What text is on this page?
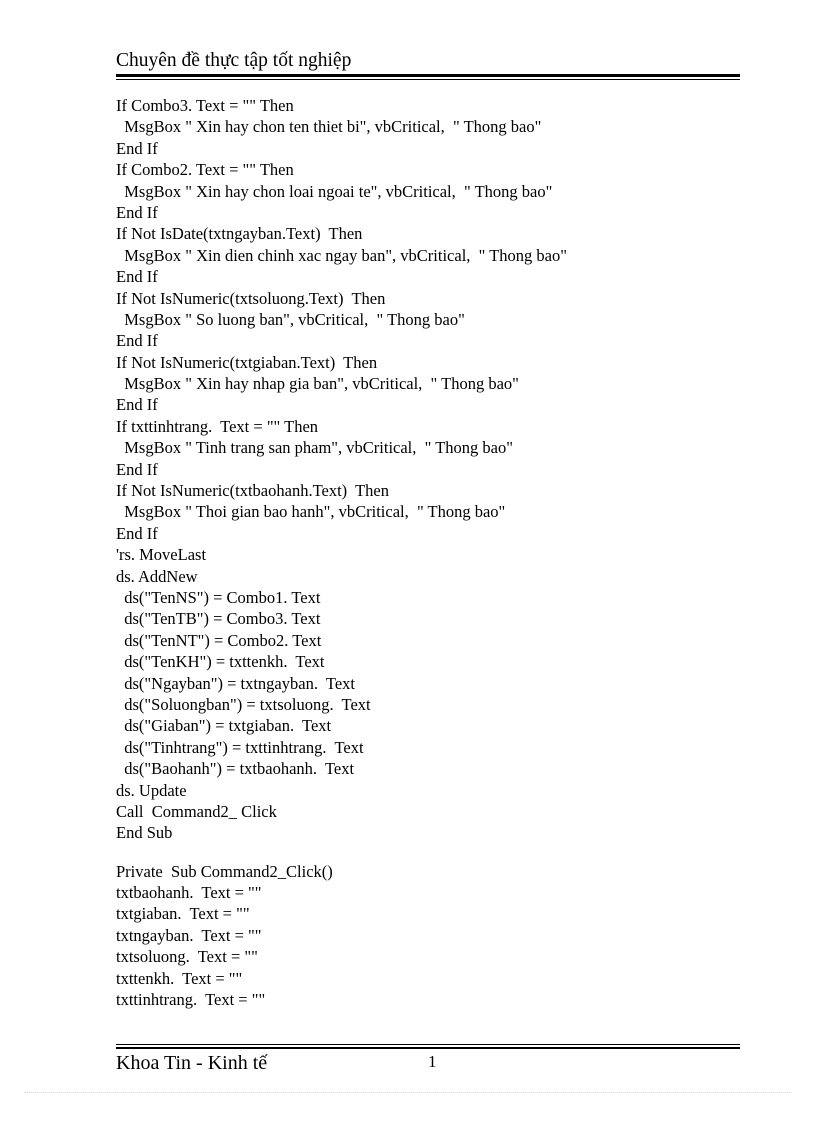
Chuyên đề thực tập tốt nghiệp
If Combo3. Text = "" Then
MsgBox " Xin hay chon ten thiet bi", vbCritical,  " Thong bao"
End If
If Combo2. Text = "" Then
MsgBox " Xin hay chon loai ngoai te", vbCritical,  " Thong bao"
End If
If Not IsDate(txtngayban.Text)  Then
MsgBox " Xin dien chinh xac ngay ban", vbCritical,  " Thong bao"
End If
If Not IsNumeric(txtsoluong.Text)  Then
MsgBox " So luong ban", vbCritical,  " Thong bao"
End If
If Not IsNumeric(txtgiaban.Text)  Then
MsgBox " Xin hay nhap gia ban", vbCritical,  " Thong bao"
End If
If txttinhtrang.  Text = "" Then
MsgBox " Tinh trang san pham", vbCritical,  " Thong bao"
End If
If Not IsNumeric(txtbaohanh.Text)  Then
MsgBox " Thoi gian bao hanh", vbCritical,  " Thong bao"
End If
'rs. MoveLast
ds. AddNew
ds("TenNS") = Combo1. Text
ds("TenTB") = Combo3. Text
ds("TenNT") = Combo2. Text
ds("TenKH") = txttenkh.  Text
ds("Ngayban") = txtngayban.  Text
ds("Soluongban") = txtsoluong.  Text
ds("Giaban") = txtgiaban.  Text
ds("Tinhtrang") = txttinhtrang.  Text
ds("Baohanh") = txtbaohanh.  Text
ds. Update
Call  Command2_ Click
End Sub
Private  Sub Command2_Click()
txtbaohanh.  Text = ""
txtgiaban.  Text = ""
txtngayban.  Text = ""
txtsoluong.  Text = ""
txttenkh.  Text = ""
txttinhtrang.  Text = ""
Khoa Tin - Kinh tế	1
